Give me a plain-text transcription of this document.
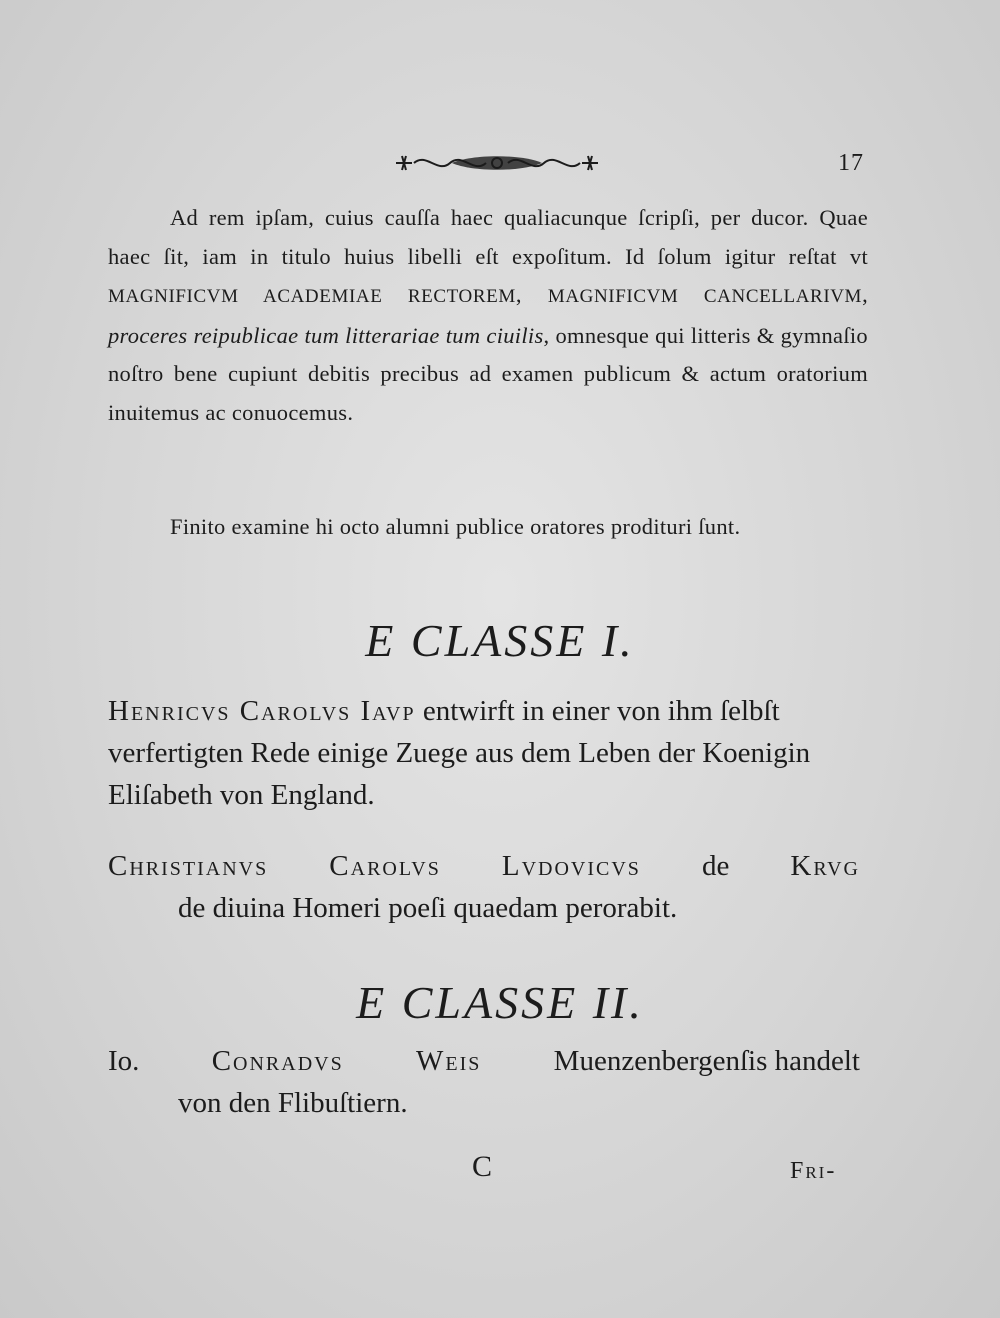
17
Ad rem ipſam, cuius cauſſa haec qualiacunque ſcripſi, per ducor. Quae haec ſit, iam in titulo huius libelli eſt expoſitum. Id ſolum igitur reſtat vt MAGNIFICVM ACADEMIAE RECTOREM, MAGNIFICVM CANCELLARIVM, proceres reipublicae tum litterariae tum ciuilis, omnesque qui litteris & gymnaſio noſtro bene cupiunt debitis precibus ad examen publicum & actum oratorium inuitemus ac conuocemus.
Finito examine hi octo alumni publice oratores prodituri ſunt.
E CLASSE I.
Henricvs Carolvs Iavp entwirft in einer von ihm ſelbſt verfertigten Rede einige Zuege aus dem Leben der Koenigin Eliſabeth von England.
Christianvs Carolvs Lvdovicvs de Krvg
de diuina Homeri poeſi quaedam perorabit.
E CLASSE II.
Io. Conradvs Weis Muenzenbergenſis handelt
von den Flibuſtiern.
C	Fri-
